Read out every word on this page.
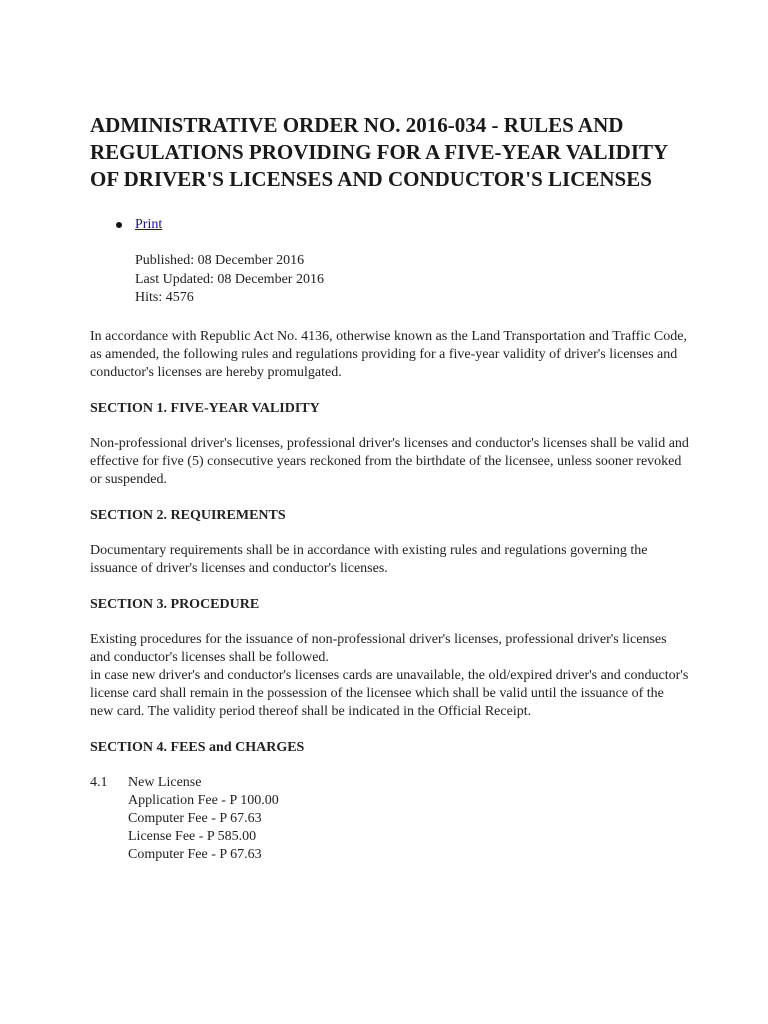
ADMINISTRATIVE ORDER NO. 2016-034 - RULES AND REGULATIONS PROVIDING FOR A FIVE-YEAR VALIDITY OF DRIVER'S LICENSES AND CONDUCTOR'S LICENSES
Print
Published: 08 December 2016
Last Updated: 08 December 2016
Hits: 4576

In accordance with Republic Act No. 4136, otherwise known as the Land Transportation and Traffic Code, as amended, the following rules and regulations providing for a five-year validity of driver's licenses and conductor's licenses are hereby promulgated.

SECTION 1. FIVE-YEAR VALIDITY

Non-professional driver's licenses, professional driver's licenses and conductor's licenses shall be valid and effective for five (5) consecutive years reckoned from the birthdate of the licensee, unless sooner revoked or suspended.

SECTION 2. REQUIREMENTS

Documentary requirements shall be in accordance with existing rules and regulations governing the issuance of driver's licenses and conductor's licenses.

SECTION 3. PROCEDURE

Existing procedures for the issuance of non-professional driver's licenses, professional driver's licenses and conductor's licenses shall be followed.
in case new driver's and conductor's licenses cards are unavailable, the old/expired driver's and conductor's license card shall remain in the possession of the licensee which shall be valid until the issuance of the new card. The validity period thereof shall be indicated in the Official Receipt.

SECTION 4. FEES and CHARGES
4.1	New License
Application Fee - P 100.00
Computer Fee - P 67.63
License Fee - P 585.00
Computer Fee - P 67.63
